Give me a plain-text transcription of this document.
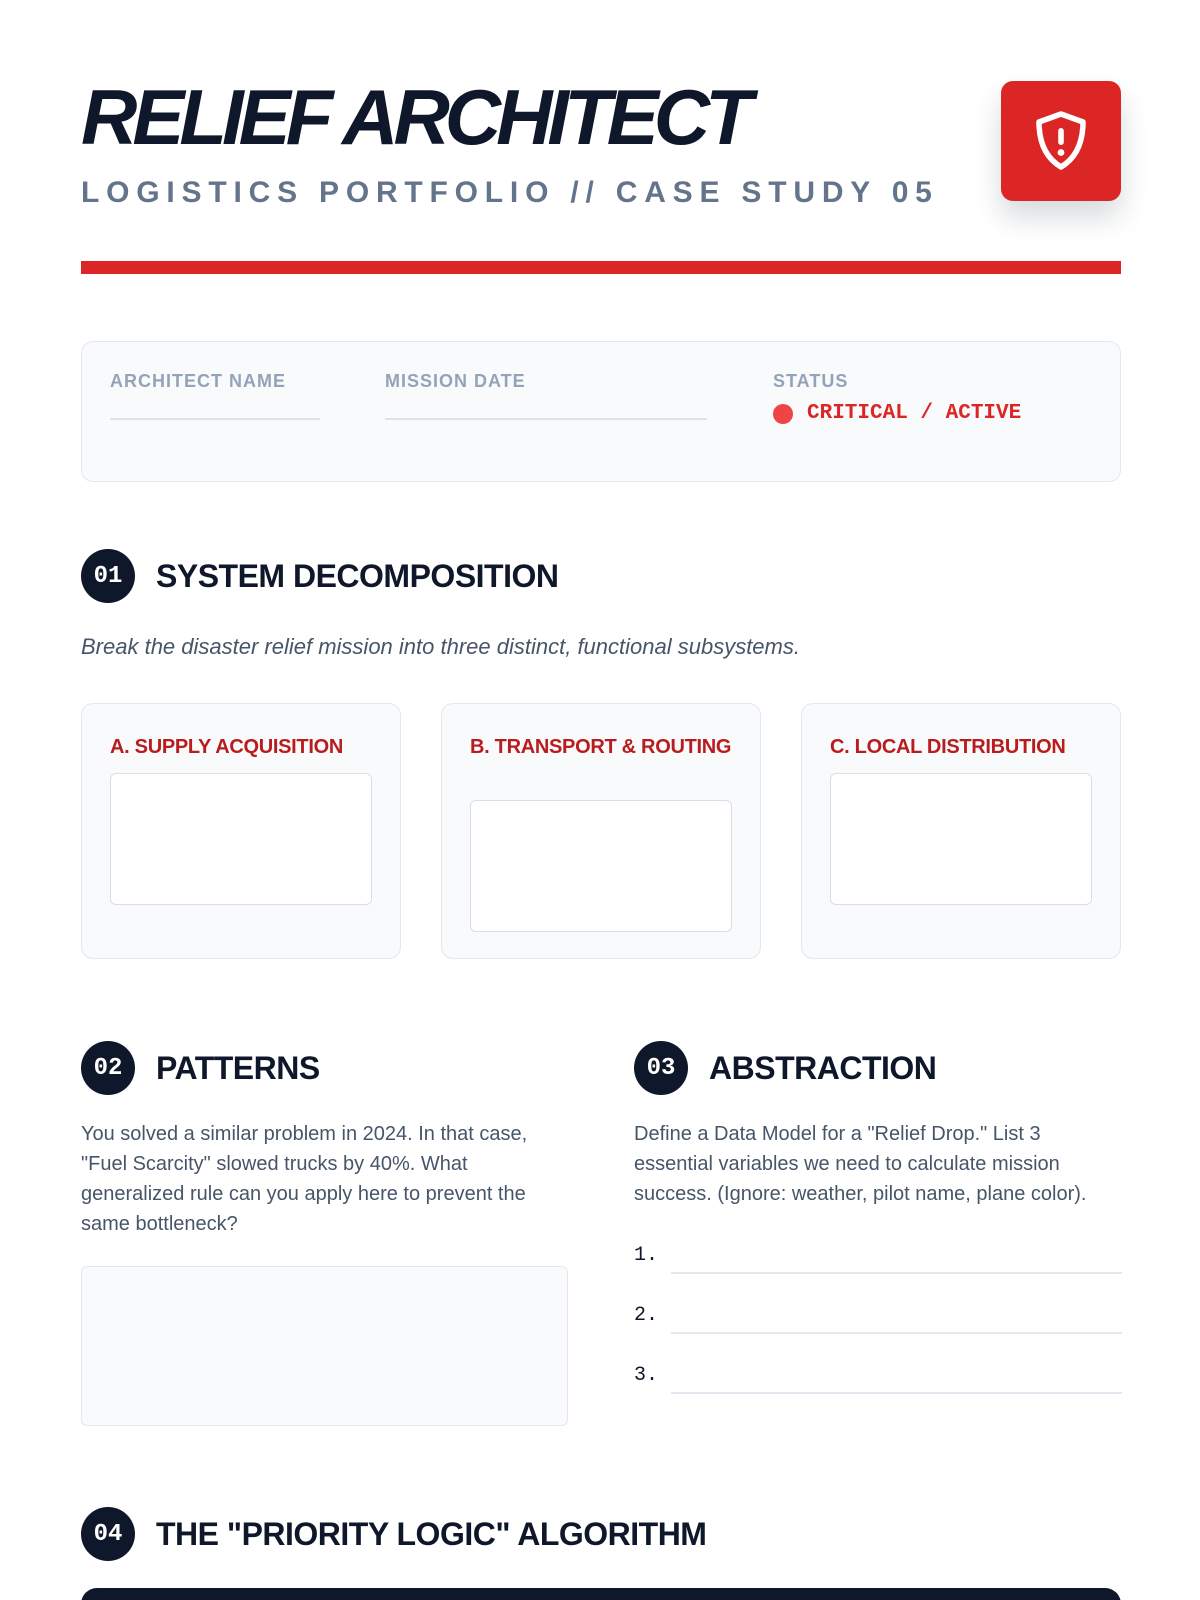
RELIEF ARCHITECT
LOGISTICS PORTFOLIO // CASE STUDY 05
ARCHITECT NAME	MISSION DATE	STATUS
CRITICAL / ACTIVE
01	SYSTEM DECOMPOSITION
Break the disaster relief mission into three distinct, functional subsystems.
A. SUPPLY ACQUISITION	B. TRANSPORT & ROUTING	C. LOCAL DISTRIBUTION
02	PATTERNS
You solved a similar problem in 2024. In that case,
"Fuel Scarcity" slowed trucks by 40%. What
generalized rule can you apply here to prevent the
same bottleneck?
03	ABSTRACTION
Define a Data Model for a "Relief Drop." List 3
essential variables we need to calculate mission
success. (Ignore: weather, pilot name, plane color).
1.
2.
3.
04	THE "PRIORITY LOGIC" ALGORITHM
